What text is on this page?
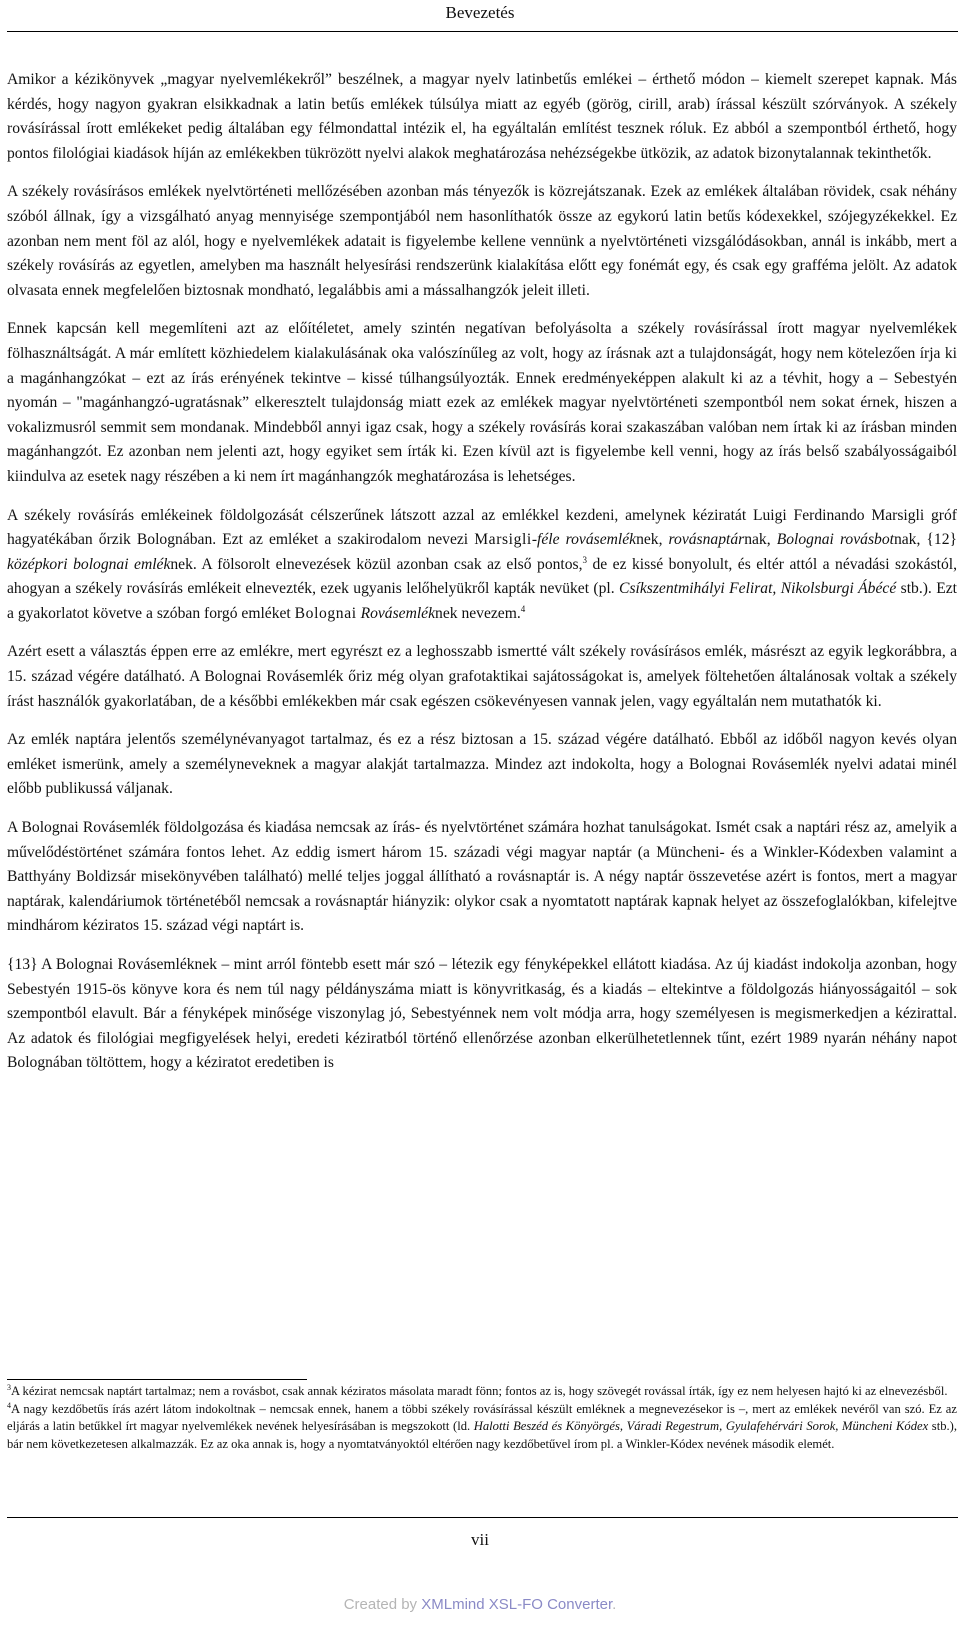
Bevezetés

Amikor a kézikönyvek „magyar nyelvemlékekről” beszélnek, a magyar nyelv latinbetűs emlékei – érthető módon – kiemelt szerepet kapnak. Más kérdés, hogy nagyon gyakran elsikkadnak a latin betűs emlékek túlsúlya miatt az egyéb (görög, cirill, arab) írással készült szórványok. A székely rovásírással írott emlékeket pedig általában egy félmondattal intézik el, ha egyáltalán említést tesznek róluk. Ez abból a szempontból érthető, hogy pontos filológiai kiadások híján az emlékekben tükrözött nyelvi alakok meghatározása nehézségekbe ütközik, az adatok bizonytalannak tekinthetők.

A székely rovásírásos emlékek nyelvtörténeti mellőzésében azonban más tényezők is közrejátszanak. Ezek az emlékek általában rövidek, csak néhány szóból állnak, így a vizsgálható anyag mennyisége szempontjából nem hasonlíthatók össze az egykorú latin betűs kódexekkel, szójegyzékekkel. Ez azonban nem ment föl az alól, hogy e nyelvemlékek adatait is figyelembe kellene vennünk a nyelvtörténeti vizsgálódásokban, annál is inkább, mert a székely rovásírás az egyetlen, amelyben ma használt helyesírási rendszerünk kialakítása előtt egy fonémát egy, és csak egy grafféma jelölt. Az adatok olvasata ennek megfelelően biztosnak mondható, legalábbis ami a mássalhangzók jeleit illeti.

Ennek kapcsán kell megemlíteni azt az előítéletet, amely szintén negatívan befolyásolta a székely rovásírással írott magyar nyelvemlékek fölhasználtságát. A már említett közhiedelem kialakulásának oka valószínűleg az volt, hogy az írásnak azt a tulajdonságát, hogy nem kötelezően írja ki a magánhangzókat – ezt az írás erényének tekintve – kissé túlhangsúlyozták. Ennek eredményeképpen alakult ki az a tévhit, hogy a – Sebestyén nyomán – "magánhangzó-ugratásnak” elkeresztelt tulajdonság miatt ezek az emlékek magyar nyelvtörténeti szempontból nem sokat érnek, hiszen a vokalizmusról semmit sem mondanak. Mindebből annyi igaz csak, hogy a székely rovásírás korai szakaszában valóban nem írtak ki az írásban minden magánhangzót. Ez azonban nem jelenti azt, hogy egyiket sem írták ki. Ezen kívül azt is figyelembe kell venni, hogy az írás belső szabályosságaiból kiindulva az esetek nagy részében a ki nem írt magánhangzók meghatározása is lehetséges.

A székely rovásírás emlékeinek földolgozását célszerűnek látszott azzal az emlékkel kezdeni, amelynek kéziratát Luigi Ferdinando Marsigli gróf hagyatékában őrzik Bolognában. Ezt az emléket a szakirodalom nevezi Marsigli-féle rovásemléknek, rovásnaptárnak, Bolognai rovásbotnak, {12} középkori bolognai emléknek. A fölsorolt elnevezések közül azonban csak az első pontos,$^3$ de ez kissé bonyolult, és eltér attól a névadási szokástól, ahogyan a székely rovásírás emlékeit elnevezték, ezek ugyanis lelőhelyükről kapták nevüket (pl. Csíkszentmihályi Felirat, Nikolsburgi Ábécé stb.). Ezt a gyakorlatot követve a szóban forgó emléket Bolognai Rovásemléknek nevezem.$^4$

Azért esett a választás éppen erre az emlékre, mert egyrészt ez a leghosszabb ismertté vált székely rovásírásos emlék, másrészt az egyik legkorábbra, a 15. század végére datálható. A Bolognai Rovásemlék őriz még olyan grafotaktikai sajátosságokat is, amelyek föltehetően általánosak voltak a székely írást használók gyakorlatában, de a későbbi emlékekben már csak egészen csökevényesen vannak jelen, vagy egyáltalán nem mutathatók ki.

Az emlék naptára jelentős személynévanyagot tartalmaz, és ez a rész biztosan a 15. század végére datálható. Ebből az időből nagyon kevés olyan emléket ismerünk, amely a személyneveknek a magyar alakját tartalmazza. Mindez azt indokolta, hogy a Bolognai Rovásemlék nyelvi adatai minél előbb publikussá váljanak.

A Bolognai Rovásemlék földolgozása és kiadása nemcsak az írás- és nyelvtörténet számára hozhat tanulságokat. Ismét csak a naptári rész az, amelyik a művelődéstörténet számára fontos lehet. Az eddig ismert három 15. századi végi magyar naptár (a Müncheni- és a Winkler-Kódexben valamint a Batthyány Boldizsár misekönyvében található) mellé teljes joggal állítható a rovásnaptár is. A négy naptár összevetése azért is fontos, mert a magyar naptárak, kalendáriumok történetéből nemcsak a rovásnaptár hiányzik: olykor csak a nyomtatott naptárak kapnak helyet az összefoglalókban, kifelejtve mindhárom kéziratos 15. század végi naptárt is.

{13} A Bolognai Rovásemléknek – mint arról föntebb esett már szó – létezik egy fényképekkel ellátott kiadása. Az új kiadást indokolja azonban, hogy Sebestyén 1915-ös könyve kora és nem túl nagy példányszáma miatt is könyvritkaság, és a kiadás – eltekintve a földolgozás hiányosságaitól – sok szempontból elavult. Bár a fényképek minősége viszonylag jó, Sebestyénnek nem volt módja arra, hogy személyesen is megismerkedjen a kézirattal. Az adatok és filológiai megfigyelések helyi, eredeti kéziratból történő ellenőrzése azonban elkerülhetetlennek tűnt, ezért 1989 nyarán néhány napot Bolognában töltöttem, hogy a kéziratot eredetiben is

$^3$A kézirat nemcsak naptárt tartalmaz; nem a rovásbot, csak annak kéziratos másolata maradt fönn; fontos az is, hogy szövegét rovással írták, így ez nem helyesen hajtó ki az elnevezésből.

$^4$A nagy kezdőbetűs írás azért látom indokoltnak – nemcsak ennek, hanem a többi székely rovásírással készült emléknek a megnevezésekor is –, mert az emlékek nevéről van szó. Ez az eljárás a latin betűkkel írt magyar nyelvemlékek nevének helyesírásában is megszokott (ld. Halotti Beszéd és Könyörgés, Váradi Regestrum, Gyulafehérvári Sorok, Müncheni Kódex stb.), bár nem következetesen alkalmazzák. Ez az oka annak is, hogy a nyomtatványoktól eltérően nagy kezdőbetűvel írom pl. a Winkler-Kódex nevének második elemét.

vii
Created by XMLmind XSL-FO Converter.
